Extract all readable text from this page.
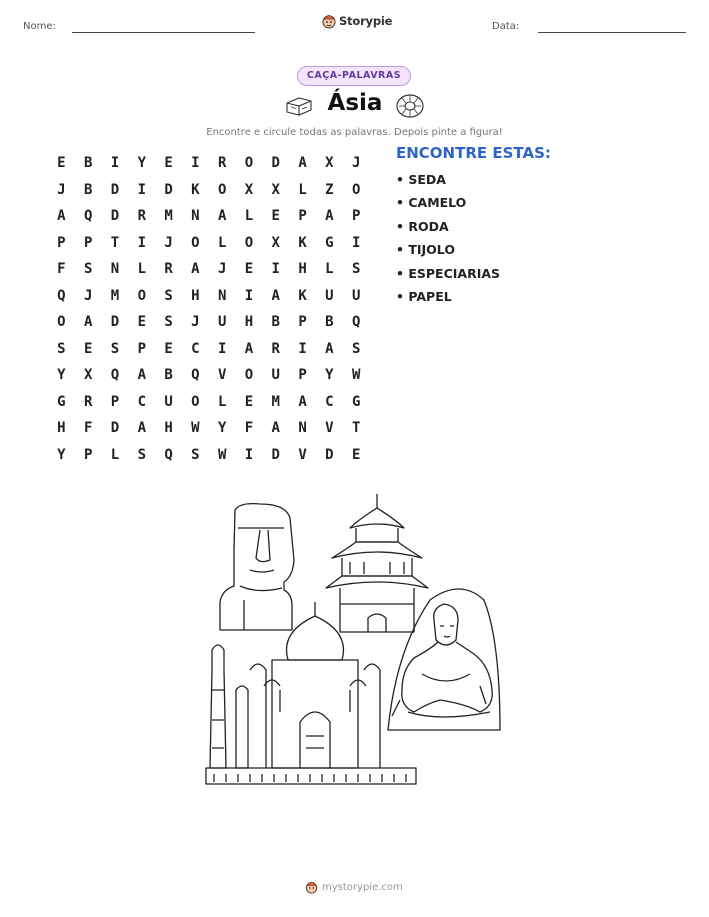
Nome:	Storypie	Data:
CAÇA-PALAVRAS
Ásia
Encontre e circule todas as palavras. Depois pinte a figura!
E	B	I	Y	E	I	R	O	D	A	X	J
J	B	D	I	D	K	O	X	X	L	Z	O
A	Q	D	R	M	N	A	L	E	P	A	P
P	P	T	I	J	O	L	O	X	K	G	I
F	S	N	L	R	A	J	E	I	H	L	S
Q	J	M	O	S	H	N	I	A	K	U	U
O	A	D	E	S	J	U	H	B	P	B	Q
S	E	S	P	E	C	I	A	R	I	A	S
Y	X	Q	A	B	Q	V	O	U	P	Y	W
G	R	P	C	U	O	L	E	M	A	C	G
H	F	D	A	H	W	Y	F	A	N	V	T
Y	P	L	S	Q	S	W	I	D	V	D	E
ENCONTRE ESTAS:
• SEDA
• CAMELO
• RODA
• TIJOLO
• ESPECIARIAS
• PAPEL
mystorypie.com
